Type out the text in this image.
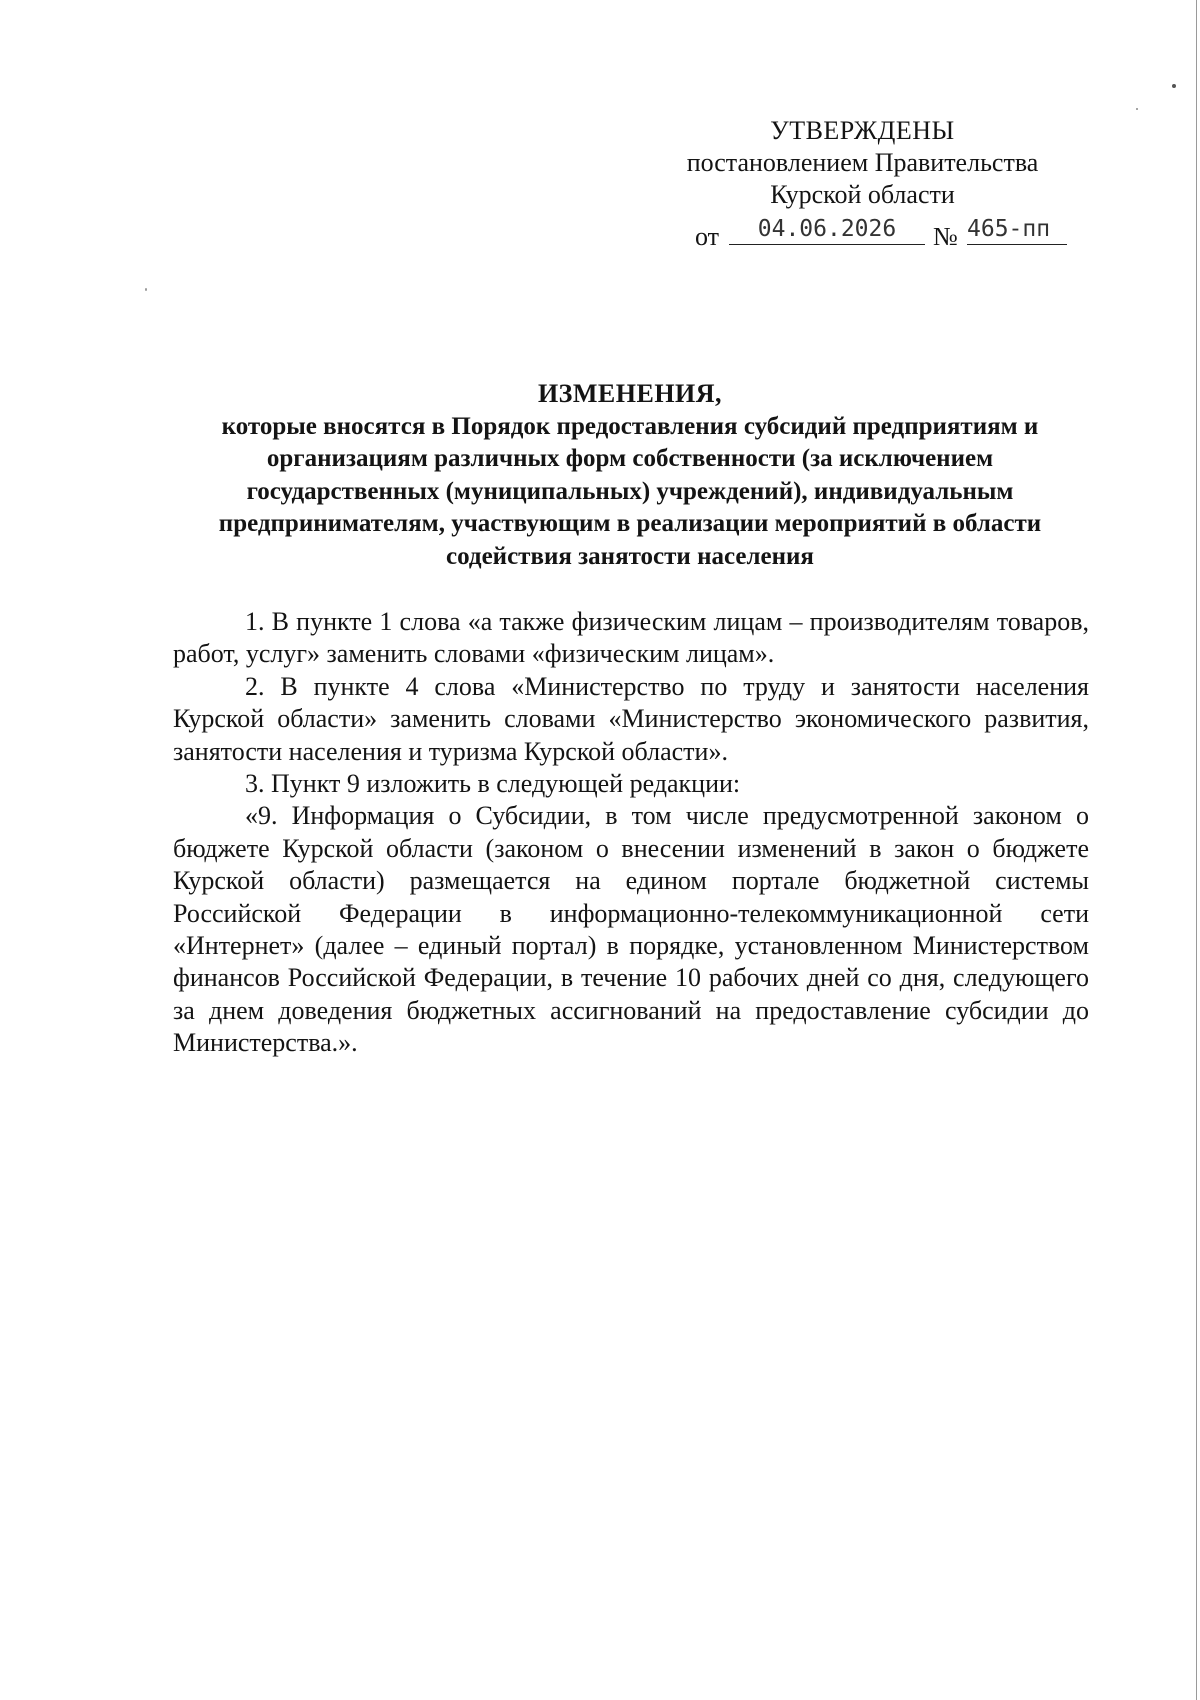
УТВЕРЖДЕНЫ
постановлением Правительства
Курской области
от	04.06.2026	№ 465-пп
ИЗМЕНЕНИЯ,
которые вносятся в Порядок предоставления субсидий предприятиям и организациям различных форм собственности (за исключением государственных (муниципальных) учреждений), индивидуальным предпринимателям, участвующим в реализации мероприятий в области содействия занятости населения

1. В пункте 1 слова «а также физическим лицам – производителям товаров, работ, услуг» заменить словами «физическим лицам».

2. В пункте 4 слова «Министерство по труду и занятости населения Курской области» заменить словами «Министерство экономического развития, занятости населения и туризма Курской области».

3. Пункт 9 изложить в следующей редакции:

«9. Информация о Субсидии, в том числе предусмотренной законом о бюджете Курской области (законом о внесении изменений в закон о бюджете Курской области) размещается на едином портале бюджетной системы Российской Федерации в информационно-телекоммуникационной сети «Интернет» (далее – единый портал) в порядке, установленном Министерством финансов Российской Федерации, в течение 10 рабочих дней со дня, следующего за днем доведения бюджетных ассигнований на предоставление субсидии до Министерства.».
